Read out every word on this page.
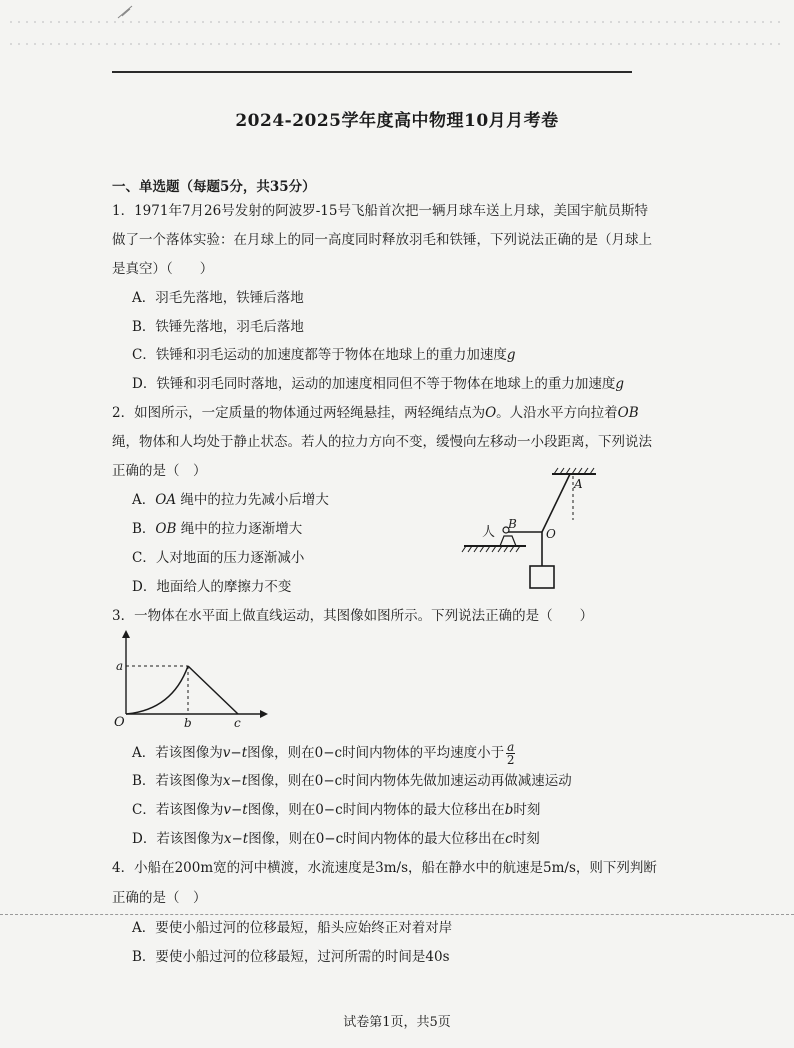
2024-2025学年度高中物理10月月考卷
一、单选题（每题5分，共35分）
1．1971年7月26号发射的阿波罗-15号飞船首次把一辆月球车送上月球，美国宇航员斯特
做了一个落体实验：在月球上的同一高度同时释放羽毛和铁锤，下列说法正确的是（月球上
是真空）（　　）
A．羽毛先落地，铁锤后落地
B．铁锤先落地，羽毛后落地
C．铁锤和羽毛运动的加速度都等于物体在地球上的重力加速度g
D．铁锤和羽毛同时落地，运动的加速度相同但不等于物体在地球上的重力加速度g
2．如图所示，一定质量的物体通过两轻绳悬挂，两轻绳结点为O。人沿水平方向拉着OB
绳，物体和人均处于静止状态。若人的拉力方向不变，缓慢向左移动一小段距离，下列说法
正确的是（　）
A．OA 绳中的拉力先减小后增大
B．OB 绳中的拉力逐渐增大
C．人对地面的压力逐渐减小
D．地面给人的摩擦力不变
人
B
O
A
3．一物体在水平面上做直线运动，其图像如图所示。下列说法正确的是（　　）
a
O	b	c
A．若该图像为v−t图像，则在0−c时间内物体的平均速度小于 $\frac{a}{2}$
B．若该图像为x−t图像，则在0−c时间内物体先做加速运动再做减速运动
C．若该图像为v−t图像，则在0−c时间内物体的最大位移出在b时刻
D．若该图像为x−t图像，则在0−c时间内物体的最大位移出在c时刻
4．小船在200m宽的河中横渡，水流速度是3m/s，船在静水中的航速是5m/s，则下列判断
正确的是（　）
A．要使小船过河的位移最短，船头应始终正对着对岸
B．要使小船过河的位移最短，过河所需的时间是40s
试卷第1页，共5页
